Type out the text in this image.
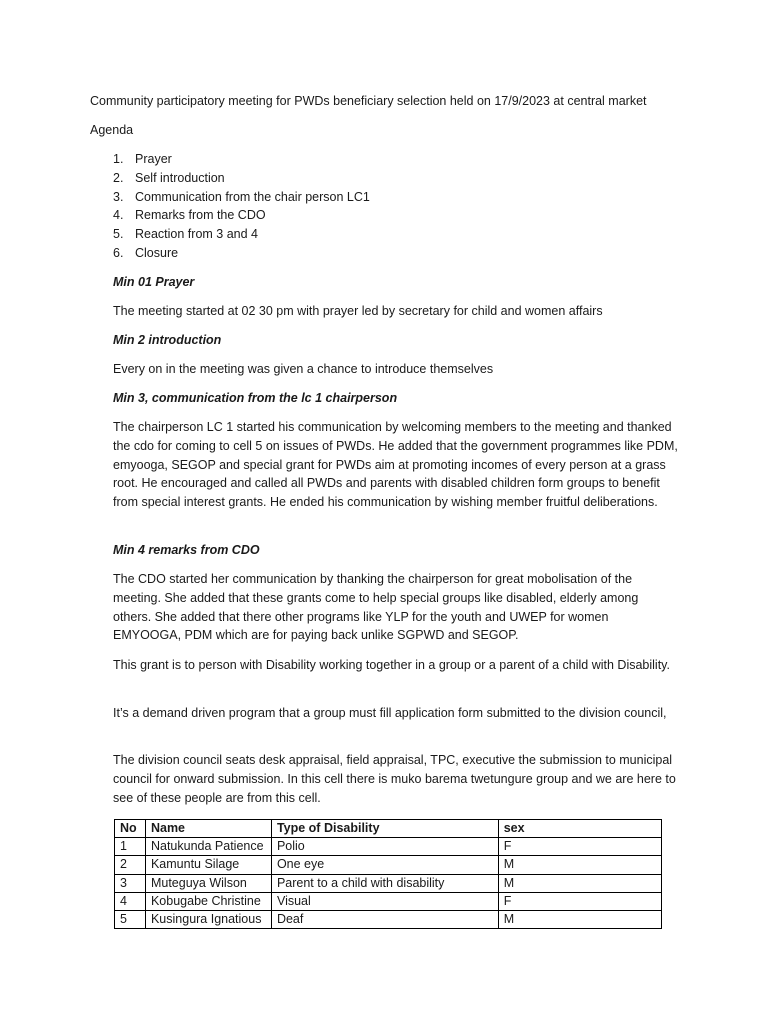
Community participatory meeting for PWDs beneficiary selection held on 17/9/2023 at central market

Agenda

1. Prayer
2. Self introduction
3. Communication from the chair person LC1
4. Remarks from the CDO
5. Reaction from 3 and 4
6. Closure

Min 01 Prayer

The meeting started at 02 30 pm with prayer led by secretary for child and women affairs

Min 2 introduction

Every on in the meeting was given a chance to introduce themselves

Min 3, communication from the lc 1 chairperson

The chairperson LC 1 started his communication by welcoming members to the meeting and thanked the cdo for coming to cell 5 on issues of PWDs. He added that the government programmes like PDM, emyooga, SEGOP and special grant for PWDs aim at promoting incomes of every person at a grass root. He encouraged and called all PWDs and parents with disabled children form groups to benefit from special interest grants. He ended his communication by wishing member fruitful deliberations.

Min 4 remarks from CDO

The CDO started her communication by thanking the chairperson for great mobolisation of the meeting. She added that these grants come to help special groups like disabled, elderly among others. She added that there other programs like YLP for the youth and UWEP for women EMYOOGA, PDM which are for paying back unlike SGPWD and SEGOP.

This grant is to person with Disability working together in a group or a parent of a child with Disability.

It’s a demand driven program that a group must fill application form submitted to the division council,

The division council seats desk appraisal, field appraisal, TPC, executive the submission to municipal council for onward submission. In this cell there is muko barema twetungure group and we are here to see of these people are from this cell.

No	Name	Type of Disability	sex
1	Natukunda Patience	Polio	F
2	Kamuntu Silage	One eye	M
3	Muteguya Wilson	Parent to a child with disability	M
4	Kobugabe Christine	Visual	F
5	Kusingura Ignatious	Deaf	M
